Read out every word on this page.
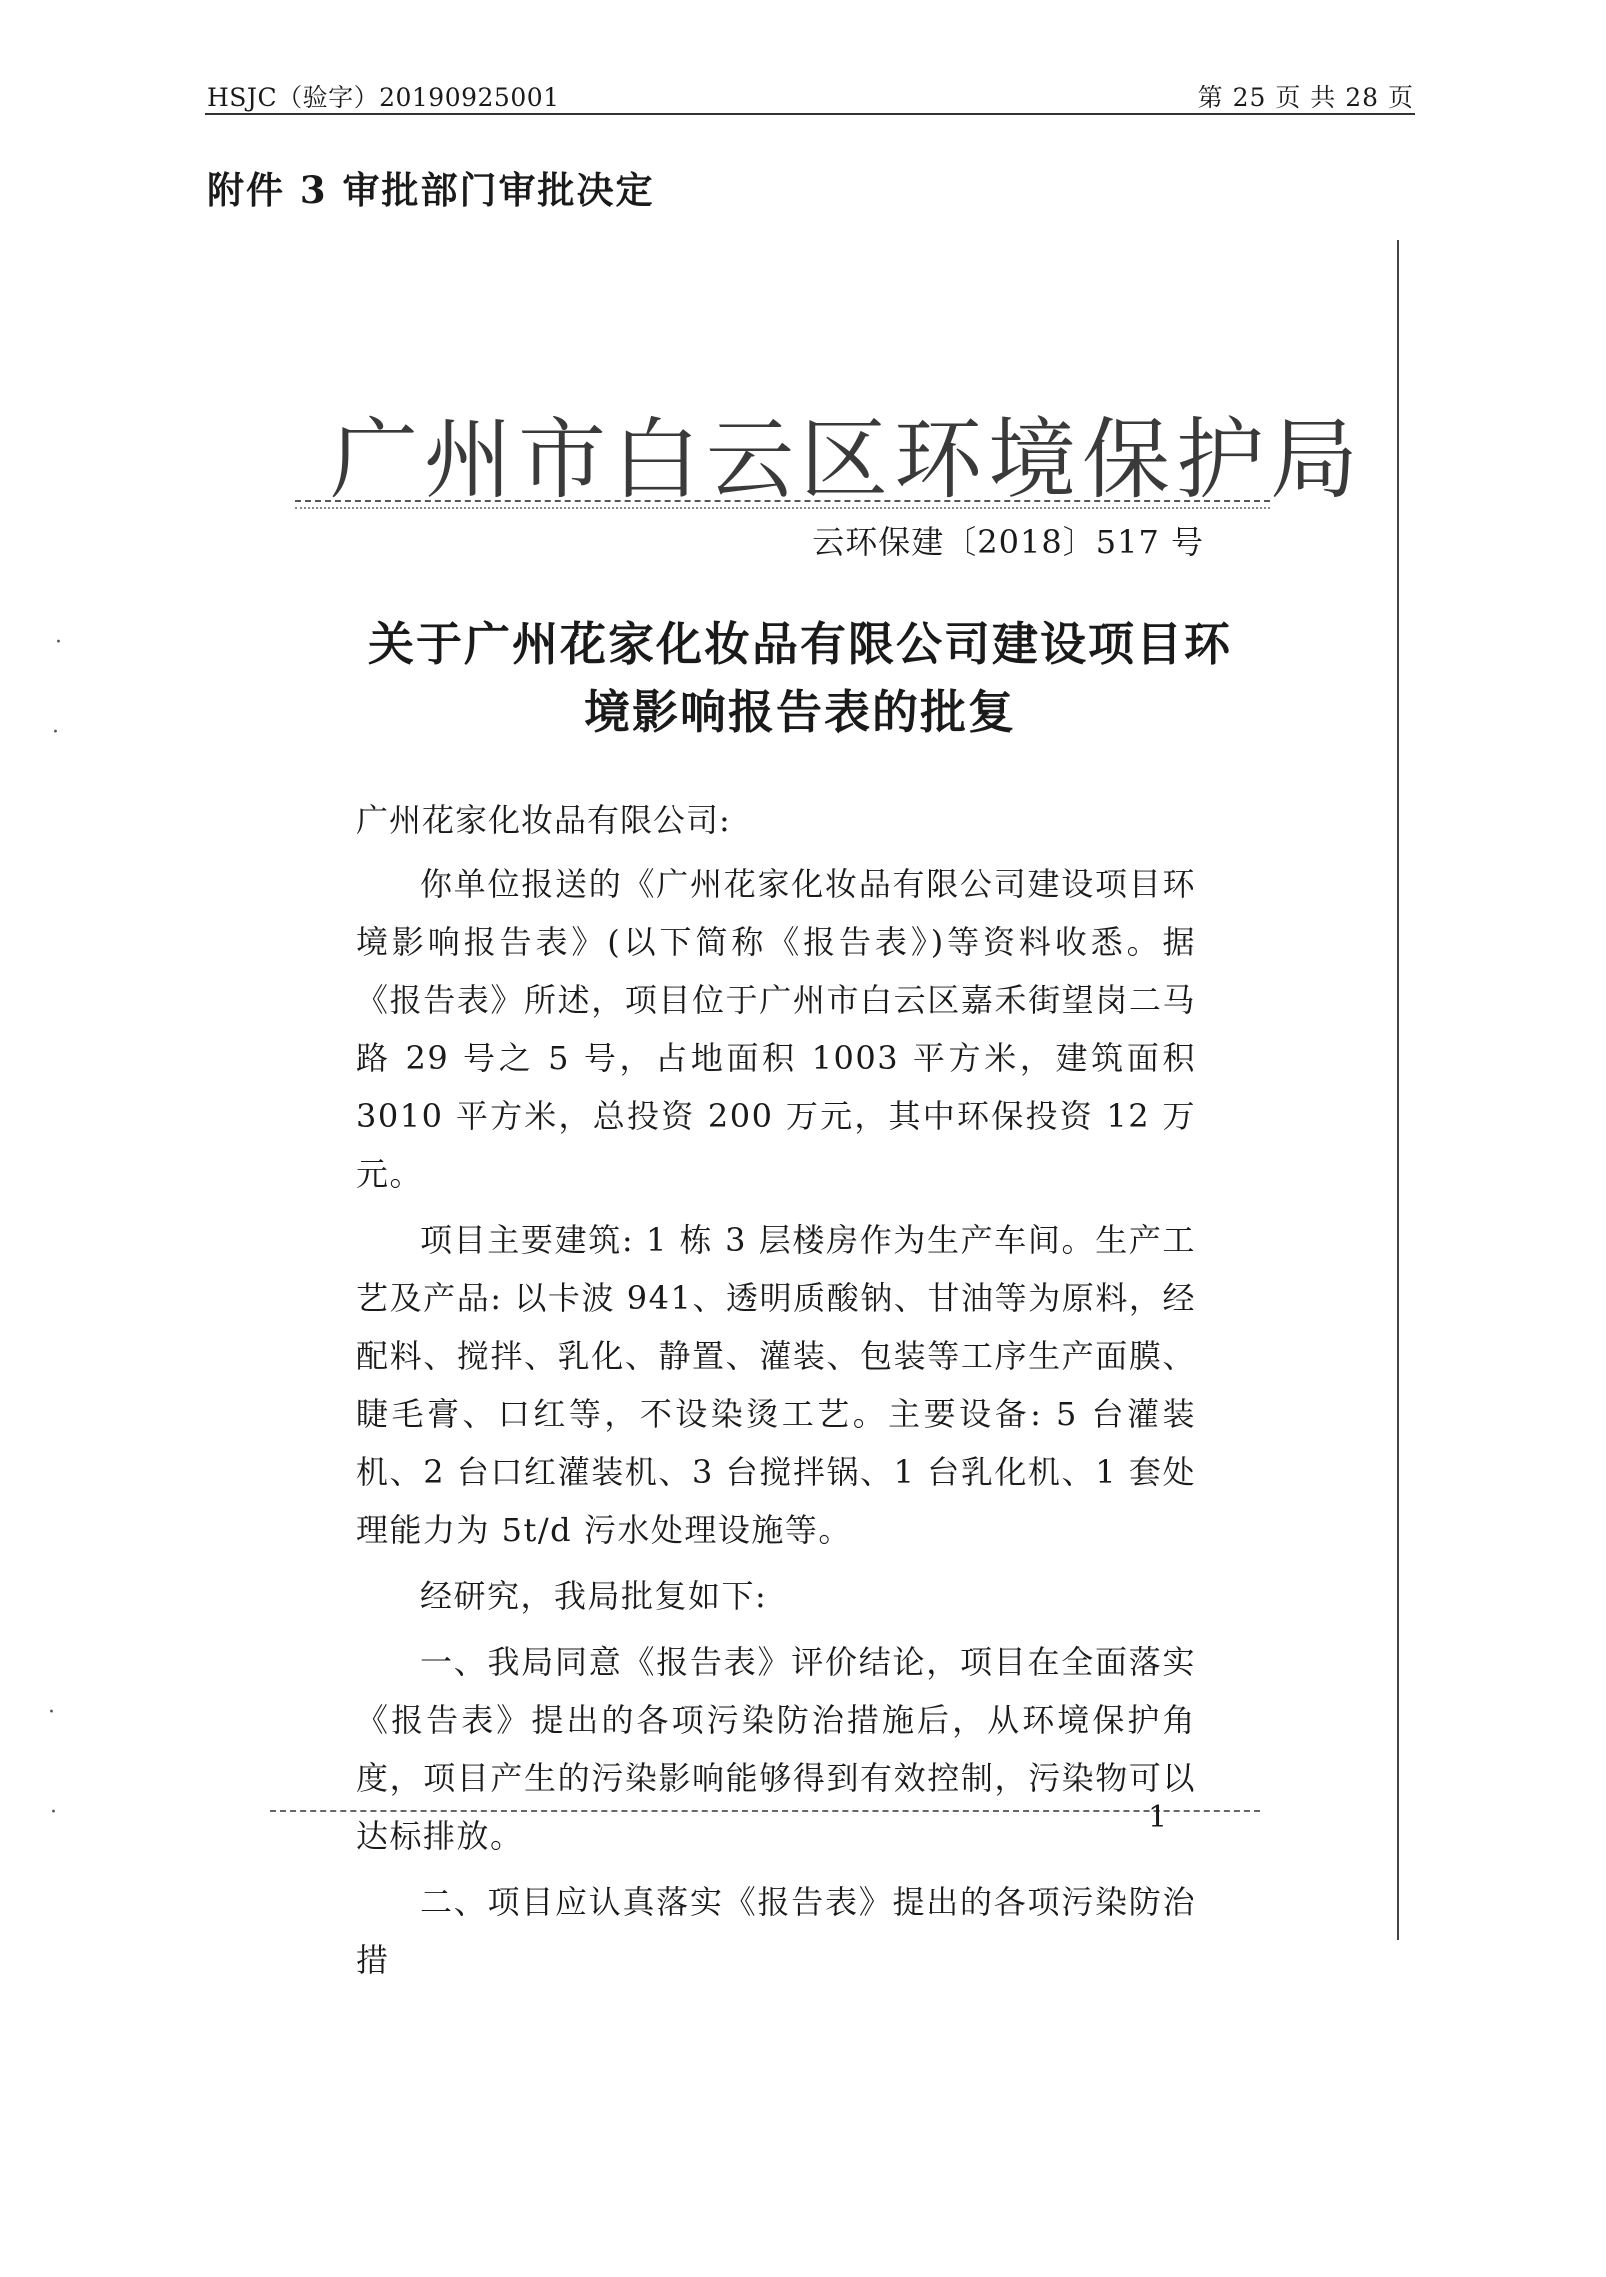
HSJC（验字）20190925001	第 25 页 共 28 页
附件 3 审批部门审批决定
广州市白云区环境保护局
云环保建〔2018〕517 号
关于广州花家化妆品有限公司建设项目环
境影响报告表的批复
广州花家化妆品有限公司:

你单位报送的《广州花家化妆品有限公司建设项目环境影响报告表》(以下简称《报告表》)等资料收悉。据《报告表》所述，项目位于广州市白云区嘉禾街望岗二马路 29 号之 5 号，占地面积 1003 平方米，建筑面积 3010 平方米，总投资 200 万元，其中环保投资 12 万元。

项目主要建筑: 1 栋 3 层楼房作为生产车间。生产工艺及产品: 以卡波 941、透明质酸钠、甘油等为原料，经配料、搅拌、乳化、静置、灌装、包装等工序生产面膜、睫毛膏、口红等，不设染烫工艺。主要设备: 5 台灌装机、2 台口红灌装机、3 台搅拌锅、1 台乳化机、1 套处理能力为 5t/d 污水处理设施等。

经研究，我局批复如下:

一、我局同意《报告表》评价结论，项目在全面落实《报告表》提出的各项污染防治措施后，从环境保护角度，项目产生的污染影响能够得到有效控制，污染物可以达标排放。

二、项目应认真落实《报告表》提出的各项污染防治措

1
·
·
·
·
